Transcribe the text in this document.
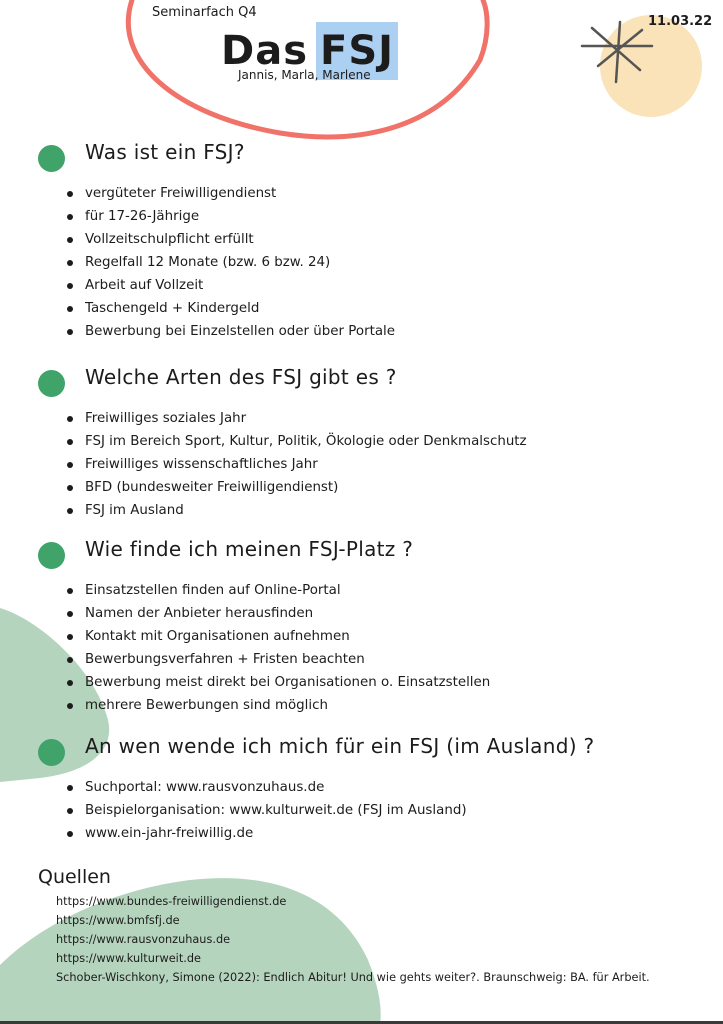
Seminarfach Q4
11.03.22
Das FSJ
Jannis, Marla, Marlene
Was ist ein FSJ?
vergüteter Freiwilligendienst
für 17-26-Jährige
Vollzeitschulpflicht erfüllt
Regelfall 12 Monate (bzw. 6 bzw. 24)
Arbeit auf Vollzeit
Taschengeld + Kindergeld
Bewerbung bei Einzelstellen oder über Portale
Welche Arten des FSJ gibt es ?
Freiwilliges soziales Jahr
FSJ im Bereich Sport, Kultur, Politik, Ökologie oder Denkmalschutz
Freiwilliges wissenschaftliches Jahr
BFD (bundesweiter Freiwilligendienst)
FSJ im Ausland
Wie finde ich meinen FSJ-Platz ?
Einsatzstellen finden auf Online-Portal
Namen der Anbieter herausfinden
Kontakt mit Organisationen aufnehmen
Bewerbungsverfahren + Fristen beachten
Bewerbung meist direkt bei Organisationen o. Einsatzstellen
mehrere Bewerbungen sind möglich
An wen wende ich mich für ein FSJ (im Ausland) ?
Suchportal: www.rausvonzuhaus.de
Beispielorganisation: www.kulturweit.de (FSJ im Ausland)
www.ein-jahr-freiwillig.de
Quellen
https://www.bundes-freiwilligendienst.de
https://www.bmfsfj.de
https://www.rausvonzuhaus.de
https://www.kulturweit.de
Schober-Wischkony, Simone (2022): Endlich Abitur! Und wie gehts weiter?. Braunschweig: BA. für Arbeit.
